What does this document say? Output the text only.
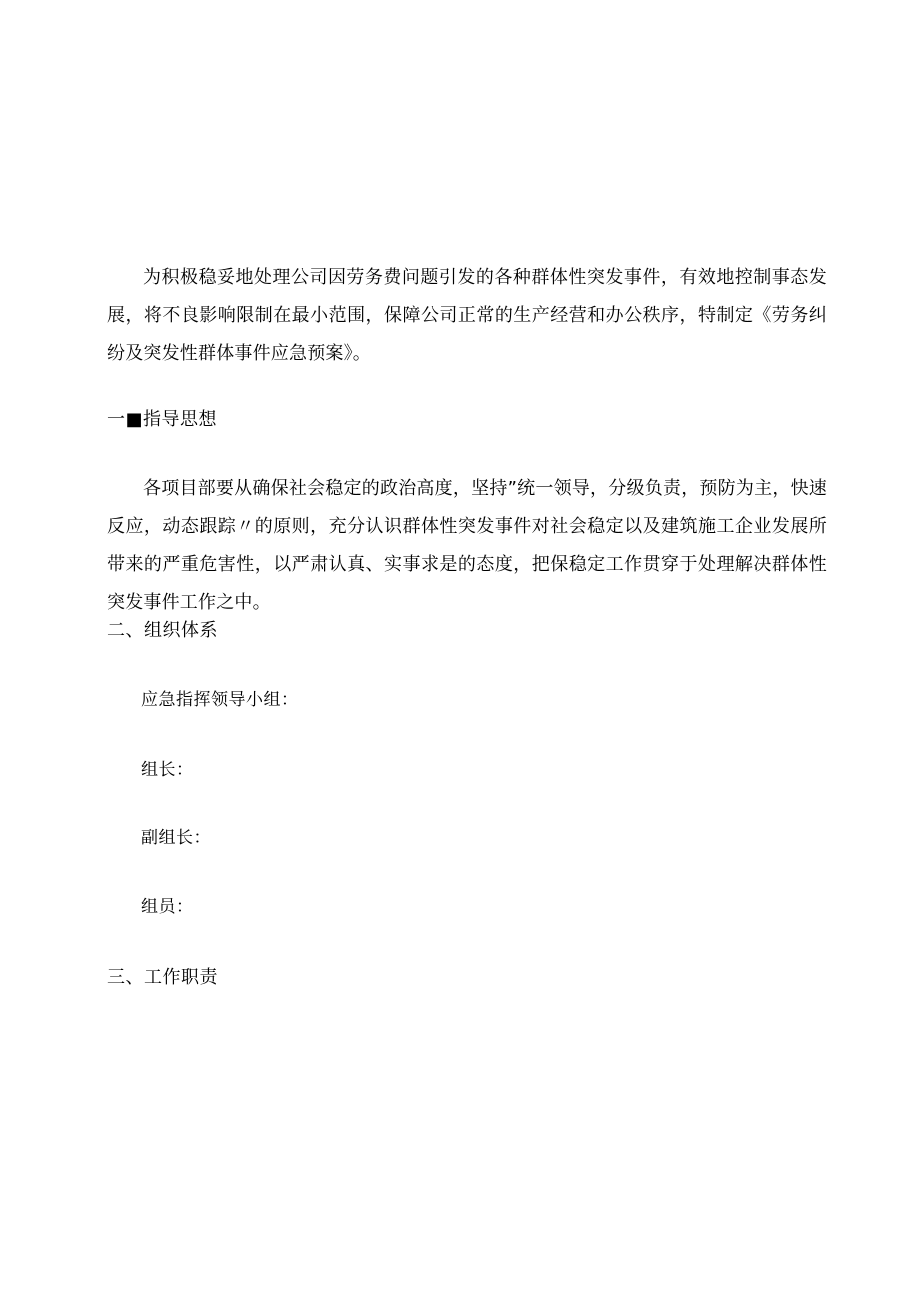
为积极稳妥地处理公司因劳务费问题引发的各种群体性突发事件，有效地控制事态发展，将不良影响限制在最小范围，保障公司正常的生产经营和办公秩序，特制定《劳务纠纷及突发性群体事件应急预案》。

一■指导思想

各项目部要从确保社会稳定的政治高度，坚持”统一领导，分级负责，预防为主，快速反应，动态跟踪〃的原则，充分认识群体性突发事件对社会稳定以及建筑施工企业发展所带来的严重危害性，以严肃认真、实事求是的态度，把保稳定工作贯穿于处理解决群体性突发事件工作之中。

二、组织体系

应急指挥领导小组：

组长：

副组长：

组员：

三、工作职责
